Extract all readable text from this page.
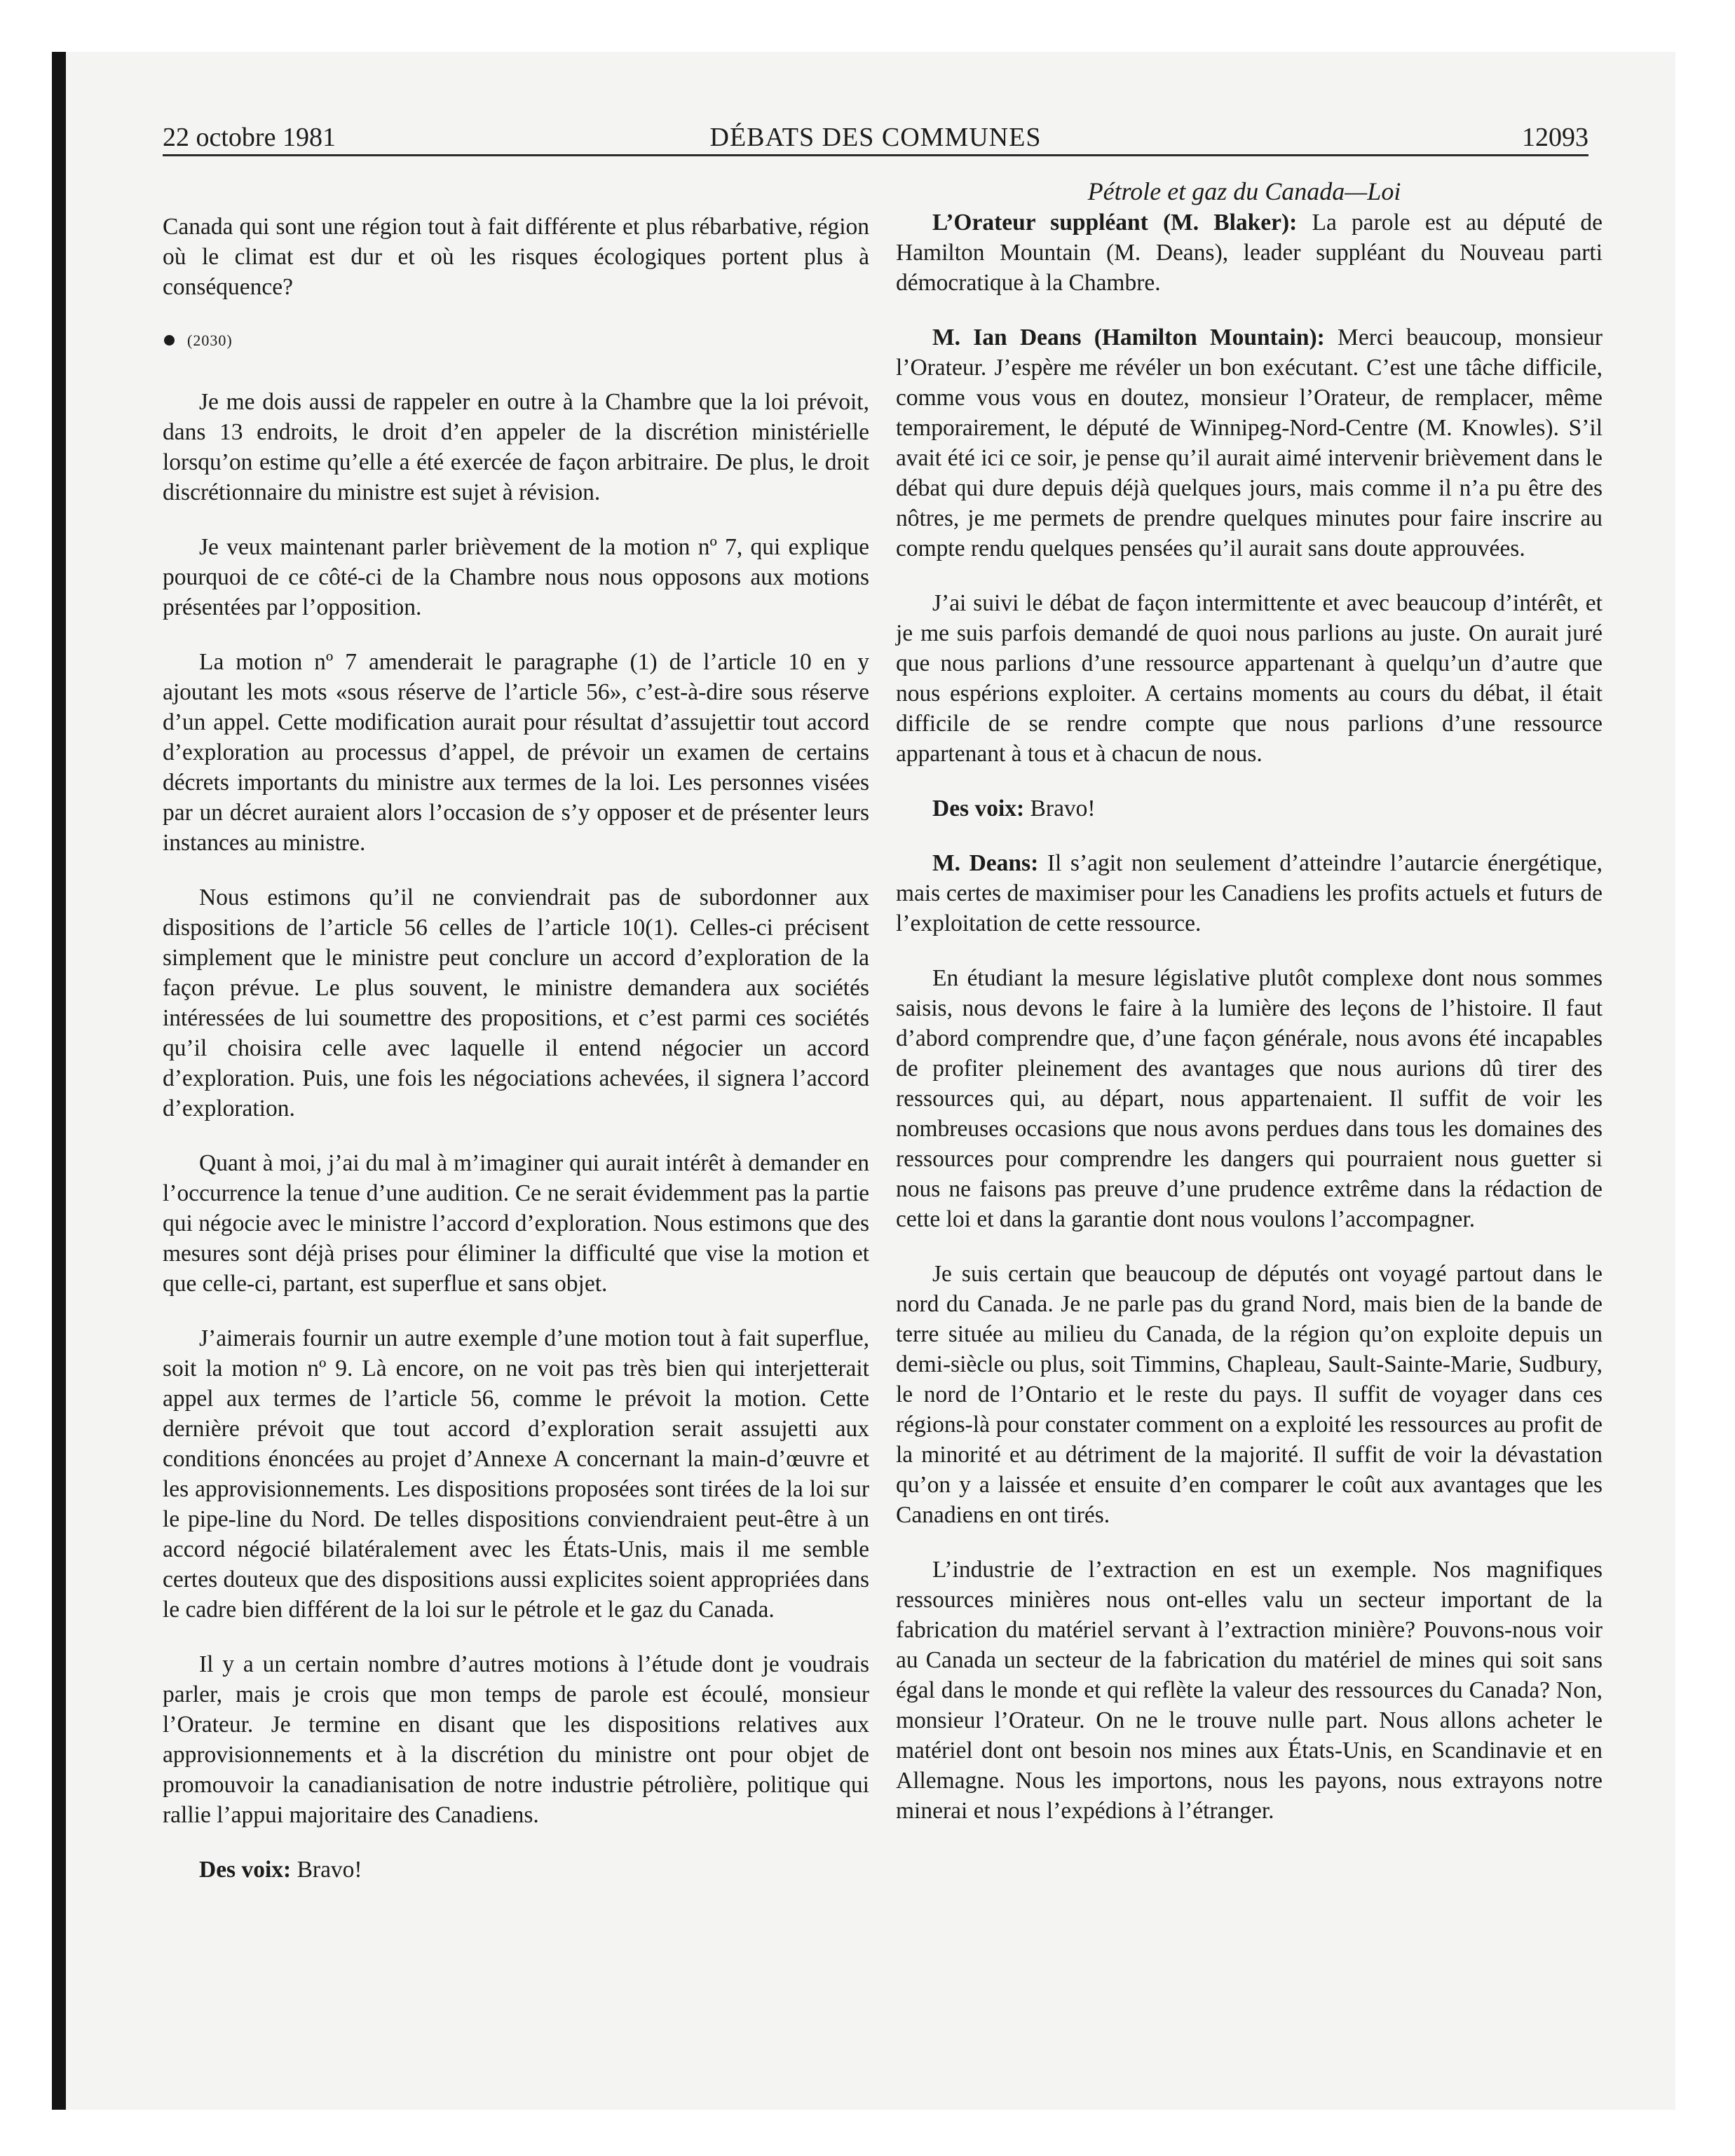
22 octobre 1981	DÉBATS DES COMMUNES	12093
Pétrole et gaz du Canada—Loi

Canada qui sont une région tout à fait différente et plus rébarbative, région où le climat est dur et où les risques écologiques portent plus à conséquence?

(2030)

Je me dois aussi de rappeler en outre à la Chambre que la loi prévoit, dans 13 endroits, le droit d’en appeler de la discrétion ministérielle lorsqu’on estime qu’elle a été exercée de façon arbitraire. De plus, le droit discrétionnaire du ministre est sujet à révision.

Je veux maintenant parler brièvement de la motion nº 7, qui explique pourquoi de ce côté-ci de la Chambre nous nous opposons aux motions présentées par l’opposition.

La motion nº 7 amenderait le paragraphe (1) de l’article 10 en y ajoutant les mots «sous réserve de l’article 56», c’est-à-dire sous réserve d’un appel. Cette modification aurait pour résultat d’assujettir tout accord d’exploration au processus d’appel, de prévoir un examen de certains décrets importants du ministre aux termes de la loi. Les personnes visées par un décret auraient alors l’occasion de s’y opposer et de présenter leurs instances au ministre.

Nous estimons qu’il ne conviendrait pas de subordonner aux dispositions de l’article 56 celles de l’article 10(1). Celles-ci précisent simplement que le ministre peut conclure un accord d’exploration de la façon prévue. Le plus souvent, le ministre demandera aux sociétés intéressées de lui soumettre des propositions, et c’est parmi ces sociétés qu’il choisira celle avec laquelle il entend négocier un accord d’exploration. Puis, une fois les négociations achevées, il signera l’accord d’exploration.

Quant à moi, j’ai du mal à m’imaginer qui aurait intérêt à demander en l’occurrence la tenue d’une audition. Ce ne serait évidemment pas la partie qui négocie avec le ministre l’accord d’exploration. Nous estimons que des mesures sont déjà prises pour éliminer la difficulté que vise la motion et que celle-ci, partant, est superflue et sans objet.

J’aimerais fournir un autre exemple d’une motion tout à fait superflue, soit la motion nº 9. Là encore, on ne voit pas très bien qui interjetterait appel aux termes de l’article 56, comme le prévoit la motion. Cette dernière prévoit que tout accord d’exploration serait assujetti aux conditions énoncées au projet d’Annexe A concernant la main-d’œuvre et les approvisionnements. Les dispositions proposées sont tirées de la loi sur le pipe-line du Nord. De telles dispositions conviendraient peut-être à un accord négocié bilatéralement avec les États-Unis, mais il me semble certes douteux que des dispositions aussi explicites soient appropriées dans le cadre bien différent de la loi sur le pétrole et le gaz du Canada.

Il y a un certain nombre d’autres motions à l’étude dont je voudrais parler, mais je crois que mon temps de parole est écoulé, monsieur l’Orateur. Je termine en disant que les dispositions relatives aux approvisionnements et à la discrétion du ministre ont pour objet de promouvoir la canadianisation de notre industrie pétrolière, politique qui rallie l’appui majoritaire des Canadiens.

Des voix: Bravo!

L’Orateur suppléant (M. Blaker): La parole est au député de Hamilton Mountain (M. Deans), leader suppléant du Nouveau parti démocratique à la Chambre.

M. Ian Deans (Hamilton Mountain): Merci beaucoup, monsieur l’Orateur. J’espère me révéler un bon exécutant. C’est une tâche difficile, comme vous vous en doutez, monsieur l’Orateur, de remplacer, même temporairement, le député de Winnipeg-Nord-Centre (M. Knowles). S’il avait été ici ce soir, je pense qu’il aurait aimé intervenir brièvement dans le débat qui dure depuis déjà quelques jours, mais comme il n’a pu être des nôtres, je me permets de prendre quelques minutes pour faire inscrire au compte rendu quelques pensées qu’il aurait sans doute approuvées.

J’ai suivi le débat de façon intermittente et avec beaucoup d’intérêt, et je me suis parfois demandé de quoi nous parlions au juste. On aurait juré que nous parlions d’une ressource appartenant à quelqu’un d’autre que nous espérions exploiter. A certains moments au cours du débat, il était difficile de se rendre compte que nous parlions d’une ressource appartenant à tous et à chacun de nous.

Des voix: Bravo!

M. Deans: Il s’agit non seulement d’atteindre l’autarcie énergétique, mais certes de maximiser pour les Canadiens les profits actuels et futurs de l’exploitation de cette ressource.

En étudiant la mesure législative plutôt complexe dont nous sommes saisis, nous devons le faire à la lumière des leçons de l’histoire. Il faut d’abord comprendre que, d’une façon générale, nous avons été incapables de profiter pleinement des avantages que nous aurions dû tirer des ressources qui, au départ, nous appartenaient. Il suffit de voir les nombreuses occasions que nous avons perdues dans tous les domaines des ressources pour comprendre les dangers qui pourraient nous guetter si nous ne faisons pas preuve d’une prudence extrême dans la rédaction de cette loi et dans la garantie dont nous voulons l’accompagner.

Je suis certain que beaucoup de députés ont voyagé partout dans le nord du Canada. Je ne parle pas du grand Nord, mais bien de la bande de terre située au milieu du Canada, de la région qu’on exploite depuis un demi-siècle ou plus, soit Timmins, Chapleau, Sault-Sainte-Marie, Sudbury, le nord de l’Ontario et le reste du pays. Il suffit de voyager dans ces régions-là pour constater comment on a exploité les ressources au profit de la minorité et au détriment de la majorité. Il suffit de voir la dévastation qu’on y a laissée et ensuite d’en comparer le coût aux avantages que les Canadiens en ont tirés.

L’industrie de l’extraction en est un exemple. Nos magnifiques ressources minières nous ont-elles valu un secteur important de la fabrication du matériel servant à l’extraction minière? Pouvons-nous voir au Canada un secteur de la fabrication du matériel de mines qui soit sans égal dans le monde et qui reflète la valeur des ressources du Canada? Non, monsieur l’Orateur. On ne le trouve nulle part. Nous allons acheter le matériel dont ont besoin nos mines aux États-Unis, en Scandinavie et en Allemagne. Nous les importons, nous les payons, nous extrayons notre minerai et nous l’expédions à l’étranger.
